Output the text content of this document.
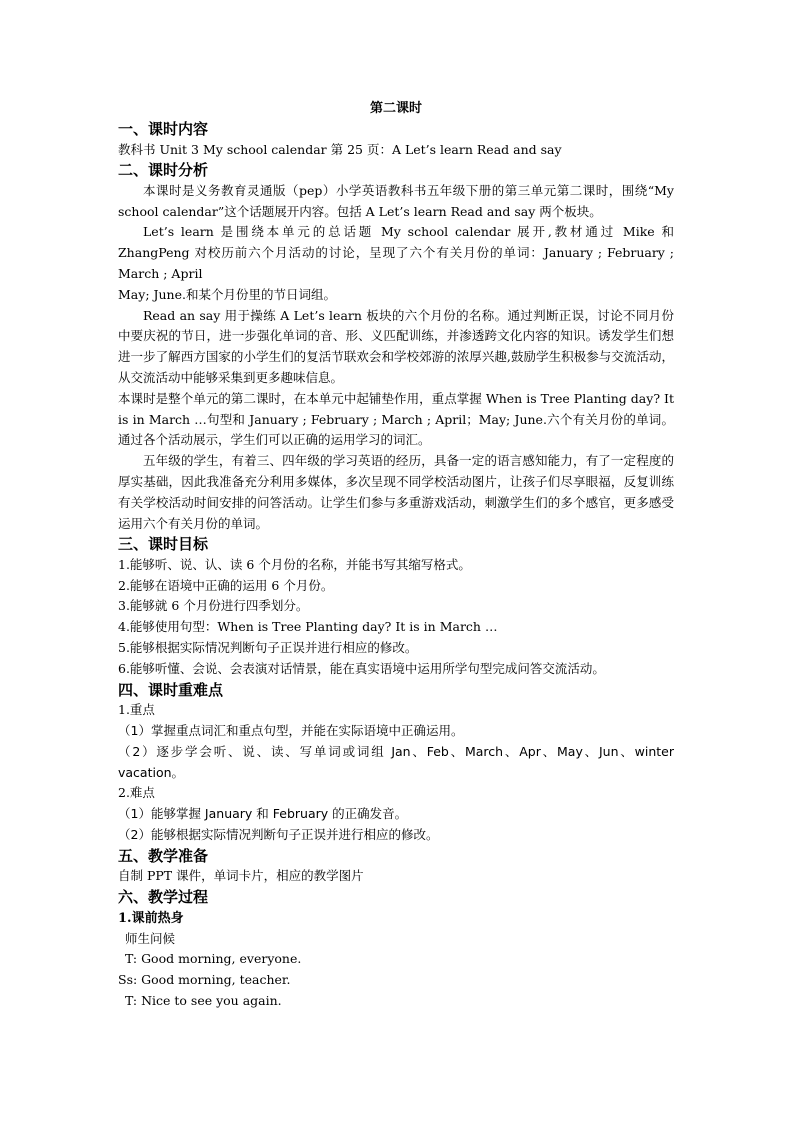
第二课时
一、课时内容

教科书 Unit 3 My school calendar 第 25 页：A Let’s learn Read and say

二、课时分析

本课时是义务教育灵通版（pep）小学英语教科书五年级下册的第三单元第二课时，围绕“My school calendar”这个话题展开内容。包括 A Let’s learn Read and say 两个板块。

Let’s learn 是围绕本单元的总话题 My school calendar 展开,教材通过 Mike 和 ZhangPeng 对校历前六个月活动的讨论，呈现了六个有关月份的单词：January ; February ; March ; April

May; June.和某个月份里的节日词组。

Read an say 用于操练 A Let’s learn 板块的六个月份的名称。通过判断正误，讨论不同月份中要庆祝的节日，进一步强化单词的音、形、义匹配训练，并渗透跨文化内容的知识。诱发学生们想进一步了解西方国家的小学生们的复活节联欢会和学校郊游的浓厚兴趣,鼓励学生积极参与交流活动，从交流活动中能够采集到更多趣味信息。

本课时是整个单元的第二课时，在本单元中起铺垫作用，重点掌握 When is Tree Planting day? It is in March …句型和 January ; February ; March ; April；May; June.六个有关月份的单词。通过各个活动展示，学生们可以正确的运用学习的词汇。

五年级的学生，有着三、四年级的学习英语的经历，具备一定的语言感知能力，有了一定程度的厚实基础，因此我准备充分利用多媒体，多次呈现不同学校活动图片，让孩子们尽享眼福，反复训练有关学校活动时间安排的问答活动。让学生们参与多重游戏活动，刺激学生们的多个感官，更多感受运用六个有关月份的单词。

三、课时目标

1.能够听、说、认、读 6 个月份的名称，并能书写其缩写格式。

2.能够在语境中正确的运用 6 个月份。

3.能够就 6 个月份进行四季划分。

4.能够使用句型：When is Tree Planting day? It is in March …

5.能够根据实际情况判断句子正误并进行相应的修改。

6.能够听懂、会说、会表演对话情景，能在真实语境中运用所学句型完成问答交流活动。

四、课时重难点

1.重点

（1）掌握重点词汇和重点句型，并能在实际语境中正确运用。

（2）逐步学会听、说、读、写单词或词组 Jan、Feb、March、Apr、May、Jun、winter vacation。

2.难点

（1）能够掌握 January 和 February 的正确发音。

（2）能够根据实际情况判断句子正误并进行相应的修改。

五、教学准备

自制 PPT 课件，单词卡片，相应的教学图片

六、教学过程
1.课前热身

师生问候

T: Good morning, everyone.

Ss: Good morning, teacher.

T: Nice to see you again.
